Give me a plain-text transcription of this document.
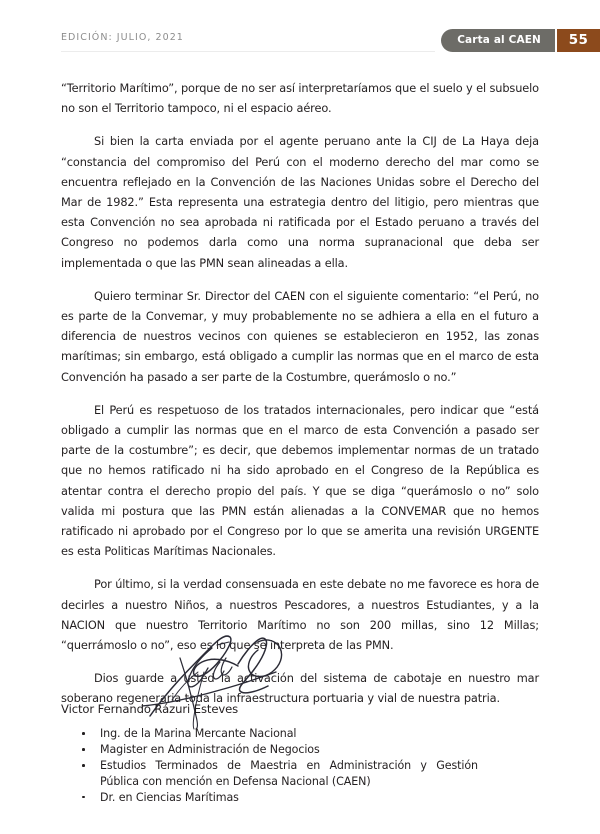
EDICIÓN: JULIO, 2021	Carta al CAEN 55

“Territorio Marítimo”, porque de no ser así interpretaríamos que el suelo y el subsuelo no son el Territorio tampoco, ni el espacio aéreo.

Si bien la carta enviada por el agente peruano ante la CIJ de La Haya deja “constancia del compromiso del Perú con el moderno derecho del mar como se encuentra reflejado en la Convención de las Naciones Unidas sobre el Derecho del Mar de 1982.” Esta representa una estrategia dentro del litigio, pero mientras que esta Convención no sea aprobada ni ratificada por el Estado peruano a través del Congreso no podemos darla como una norma supranacional que deba ser implementada o que las PMN sean alineadas a ella.

Quiero terminar Sr. Director del CAEN con el siguiente comentario: “el Perú, no es parte de la Convemar, y muy probablemente no se adhiera a ella en el futuro a diferencia de nuestros vecinos con quienes se establecieron en 1952, las zonas marítimas; sin embargo, está obligado a cumplir las normas que en el marco de esta Convención ha pasado a ser parte de la Costumbre, querámoslo o no.”

El Perú es respetuoso de los tratados internacionales, pero indicar que “está obligado a cumplir las normas que en el marco de esta Convención a pasado ser parte de la costumbre”; es decir, que debemos implementar normas de un tratado que no hemos ratificado ni ha sido aprobado en el Congreso de la República es atentar contra el derecho propio del país. Y que se diga “querámoslo o no” solo valida mi postura que las PMN están alienadas a la CONVEMAR que no hemos ratificado ni aprobado por el Congreso por lo que se amerita una revisión URGENTE es esta Politicas Marítimas Nacionales.

Por último, si la verdad consensuada en este debate no me favorece es hora de decirles a nuestro Niños, a nuestros Pescadores, a nuestros Estudiantes, y a la NACION que nuestro Territorio Marítimo no son 200 millas, sino 12 Millas; “querrámoslo o no”, eso es lo que se interpreta de las PMN.

Dios guarde a usted la activación del sistema de cabotaje en nuestro mar soberano regeneraria toda la infraestructura portuaria y vial de nuestra patria.

Victor Fernando Rázuri Esteves
Ing. de la Marina Mercante Nacional
Magister en Administración de Negocios
Estudios Terminados de Maestria en Administración y Gestión Pública con mención en Defensa Nacional (CAEN)
Dr. en Ciencias Marítimas
